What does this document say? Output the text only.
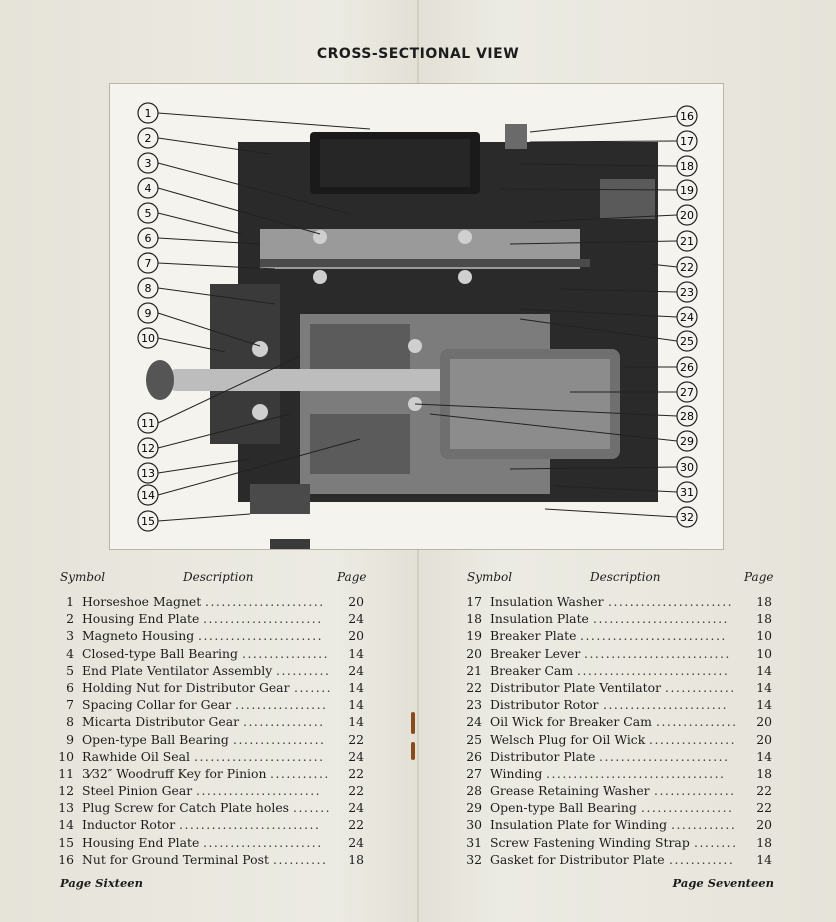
CROSS-SECTIONAL VIEW
1
2
3
4
5
6
7
8
9
10
11
12
13
14
15
16
17
18
19
20
21
22
23
24
25
26
27
28
29
30
31
32
Symbol	Description	Page	Symbol	Description	Page
1 Horseshoe Magnet ......................	20
2 Housing End Plate ......................	24
3 Magneto Housing .......................	20
4 Closed-type Ball Bearing ................	14
5 End Plate Ventilator Assembly ..........	24
6 Holding Nut for Distributor Gear .......	14
7 Spacing Collar for Gear .................	14
8 Micarta Distributor Gear ...............	14
9 Open-type Ball Bearing .................	22
10 Rawhide Oil Seal ........................	24
11 3⁄32″ Woodruff Key for Pinion ...........	22
12 Steel Pinion Gear .......................	22
13 Plug Screw for Catch Plate holes .......	24
14 Inductor Rotor ..........................	22
15 Housing End Plate ......................	24
16 Nut for Ground Terminal Post ..........	18
17 Insulation Washer .......................	18
18 Insulation Plate .........................	18
19 Breaker Plate ...........................	10
20 Breaker Lever ...........................	10
21 Breaker Cam ............................	14
22 Distributor Plate Ventilator .............	14
23 Distributor Rotor .......................	14
24 Oil Wick for Breaker Cam ...............	20
25 Welsch Plug for Oil Wick ................	20
26 Distributor Plate ........................	14
27 Winding .................................	18
28 Grease Retaining Washer ...............	22
29 Open-type Ball Bearing .................	22
30 Insulation Plate for Winding ............	20
31 Screw Fastening Winding Strap ........	18
32 Gasket for Distributor Plate ............	14
Page Sixteen	Page Seventeen
